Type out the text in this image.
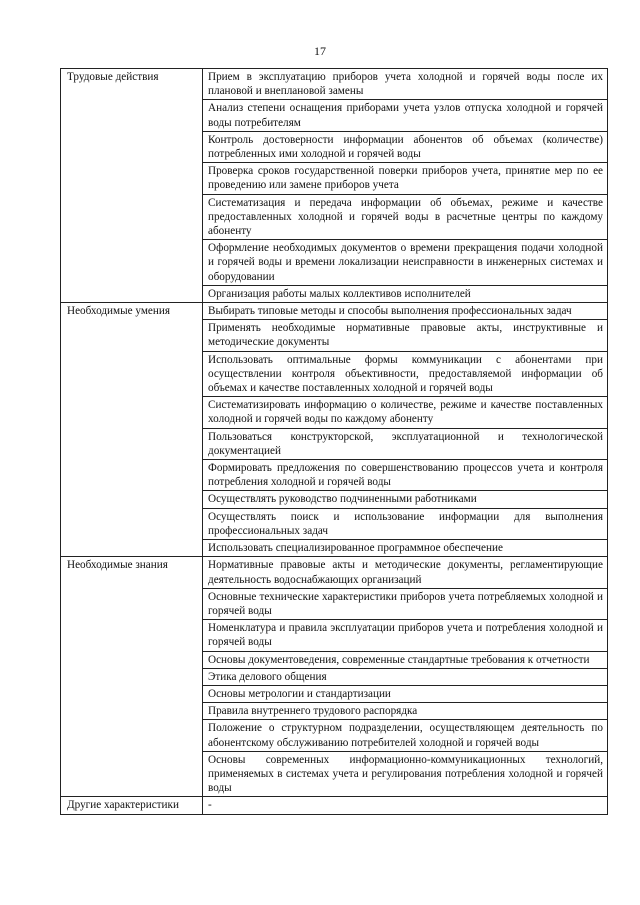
17
Трудовые действия	Прием в эксплуатацию приборов учета холодной и горячей воды после их плановой и внеплановой замены
	Анализ степени оснащения приборами учета узлов отпуска холодной и горячей воды потребителям
	Контроль достоверности информации абонентов об объемах (количестве) потребленных ими холодной и горячей воды
	Проверка сроков государственной поверки приборов учета, принятие мер по ее проведению или замене приборов учета
	Систематизация и передача информации об объемах, режиме и качестве предоставленных холодной и горячей воды в расчетные центры по каждому абоненту
	Оформление необходимых документов о времени прекращения подачи холодной и горячей воды и времени локализации неисправности в инженерных системах и оборудовании
	Организация работы малых коллективов исполнителей
Необходимые умения	Выбирать типовые методы и способы выполнения профессиональных задач
	Применять необходимые нормативные правовые акты, инструктивные и методические документы
	Использовать оптимальные формы коммуникации с абонентами при осуществлении контроля объективности, предоставляемой информации об объемах и качестве поставленных холодной и горячей воды
	Систематизировать информацию о количестве, режиме и качестве поставленных холодной и горячей воды по каждому абоненту
	Пользоваться конструкторской, эксплуатационной и технологической документацией
	Формировать предложения по совершенствованию процессов учета и контроля потребления холодной и горячей воды
	Осуществлять руководство подчиненными работниками
	Осуществлять поиск и использование информации для выполнения профессиональных задач
	Использовать специализированное программное обеспечение
Необходимые знания	Нормативные правовые акты и методические документы, регламентирующие деятельность водоснабжающих организаций
	Основные технические характеристики приборов учета потребляемых холодной и горячей воды
	Номенклатура и правила эксплуатации приборов учета и потребления холодной и горячей воды
	Основы документоведения, современные стандартные требования к отчетности
	Этика делового общения
	Основы метрологии и стандартизации
	Правила внутреннего трудового распорядка
	Положение о структурном подразделении, осуществляющем деятельность по абонентскому обслуживанию потребителей холодной и горячей воды
	Основы современных информационно-коммуникационных технологий, применяемых в системах учета и регулирования потребления холодной и горячей воды
Другие характеристики	-
